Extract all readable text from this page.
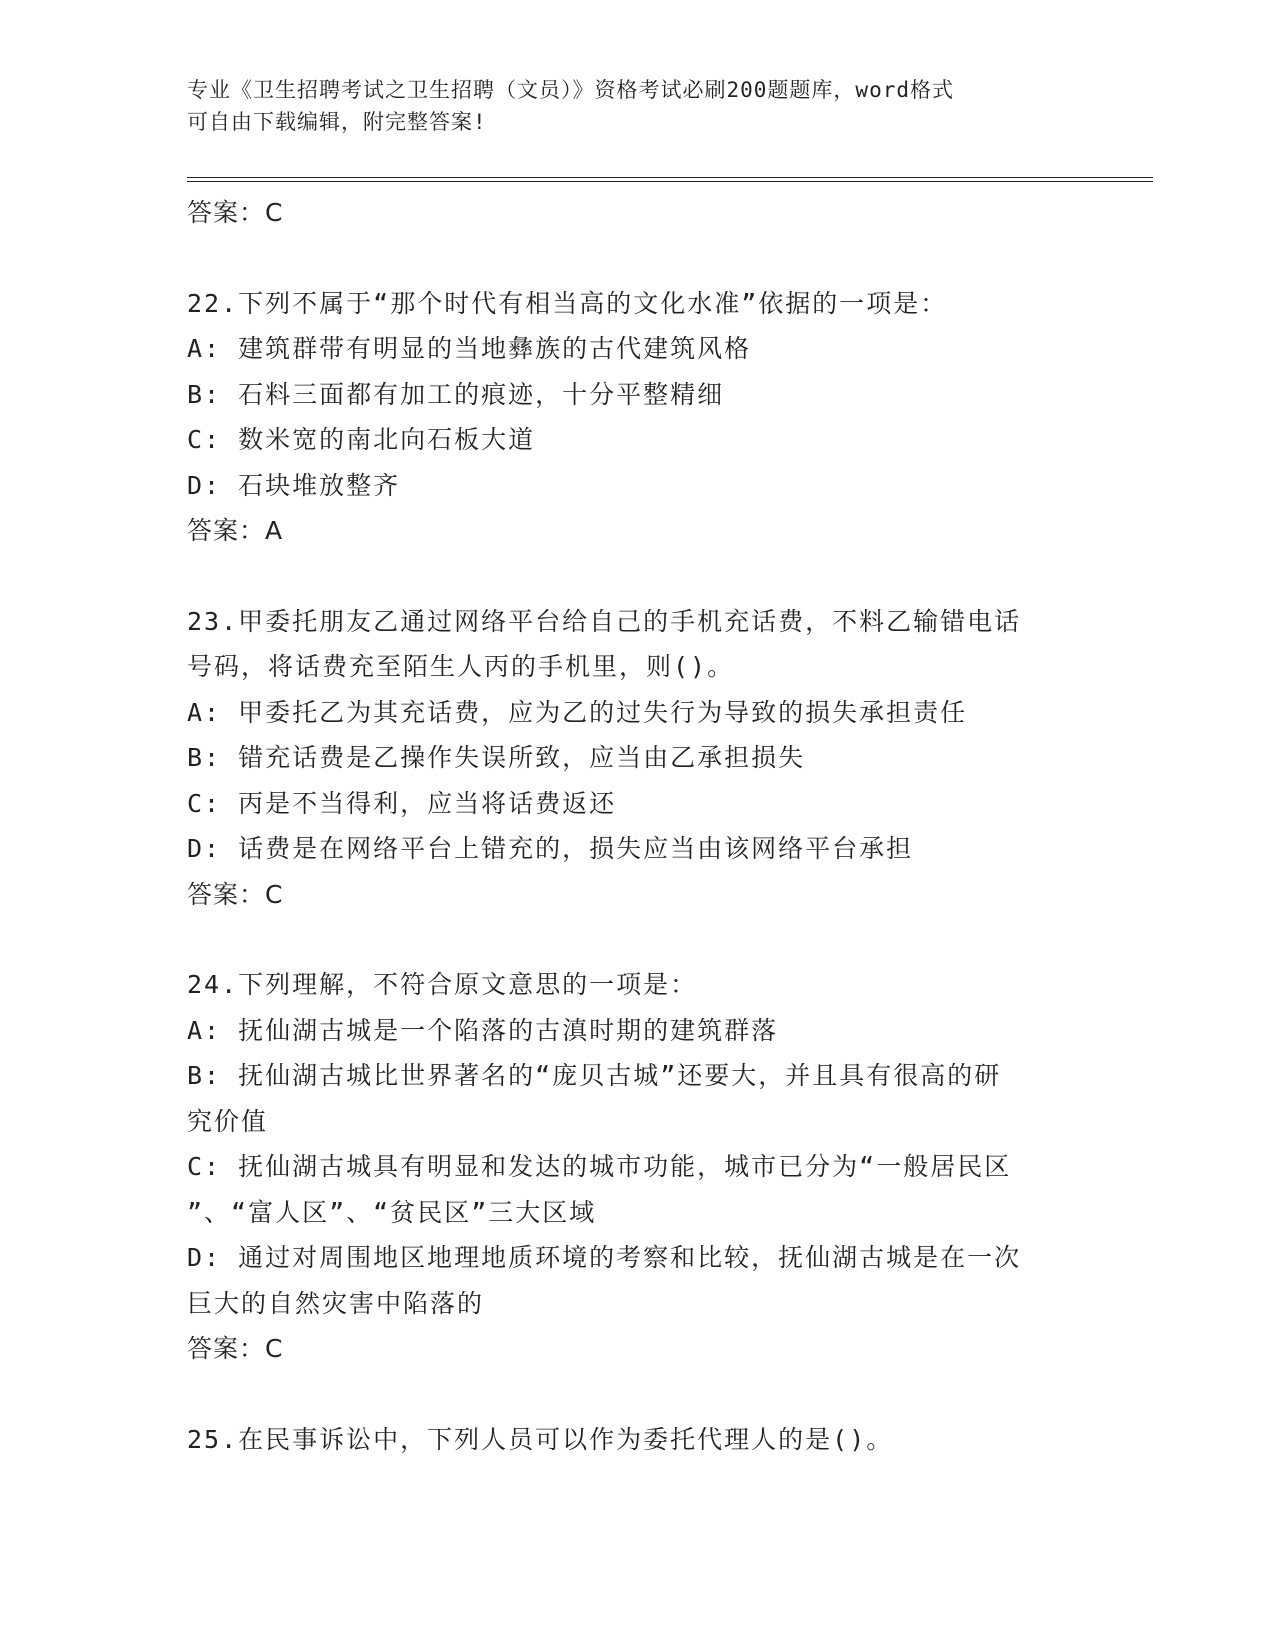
专业《卫生招聘考试之卫生招聘（文员）》资格考试必刷200题题库，word格式
可自由下载编辑，附完整答案!
答案：C
22.下列不属于“那个时代有相当高的文化水准”依据的一项是：
A: 建筑群带有明显的当地彝族的古代建筑风格
B: 石料三面都有加工的痕迹，十分平整精细
C: 数米宽的南北向石板大道
D: 石块堆放整齐
答案：A
23.甲委托朋友乙通过网络平台给自己的手机充话费，不料乙输错电话
号码，将话费充至陌生人丙的手机里，则()。
A: 甲委托乙为其充话费，应为乙的过失行为导致的损失承担责任
B: 错充话费是乙操作失误所致，应当由乙承担损失
C: 丙是不当得利，应当将话费返还
D: 话费是在网络平台上错充的，损失应当由该网络平台承担
答案：C
24.下列理解，不符合原文意思的一项是：
A: 抚仙湖古城是一个陷落的古滇时期的建筑群落
B: 抚仙湖古城比世界著名的“庞贝古城”还要大，并且具有很高的研
究价值
C: 抚仙湖古城具有明显和发达的城市功能，城市已分为“一般居民区
”、“富人区”、“贫民区”三大区域
D: 通过对周围地区地理地质环境的考察和比较，抚仙湖古城是在一次
巨大的自然灾害中陷落的
答案：C
25.在民事诉讼中，下列人员可以作为委托代理人的是()。
